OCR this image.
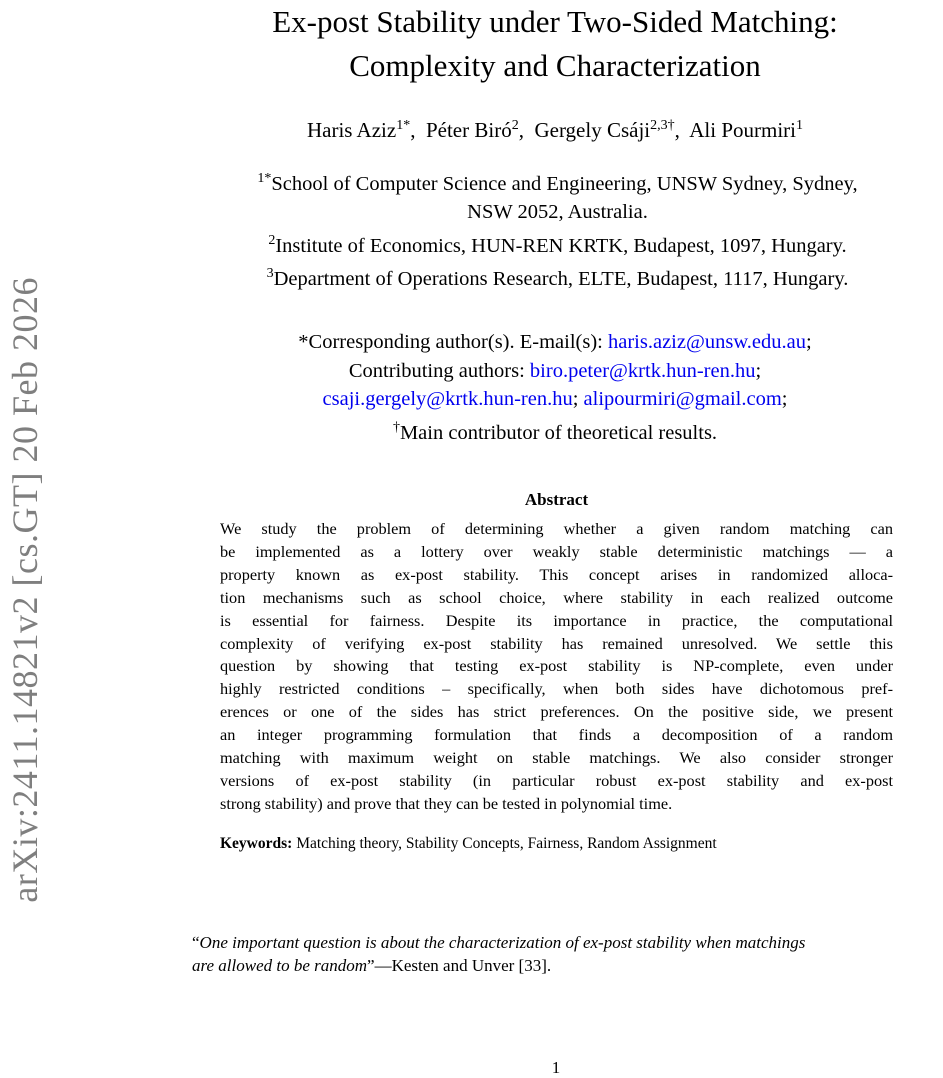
arXiv:2411.14821v2 [cs.GT] 20 Feb 2026
Ex-post Stability under Two-Sided Matching:
Complexity and Characterization
Haris Aziz$^{1*}$,  Péter Biró$^2$,  Gergely Csáji$^{2,3\dagger}$,  Ali Pourmiri$^1$
$^{1*}$School of Computer Science and Engineering, UNSW Sydney, Sydney,
NSW 2052, Australia.
$^2$Institute of Economics, HUN-REN KRTK, Budapest, 1097, Hungary.
$^3$Department of Operations Research, ELTE, Budapest, 1117, Hungary.
*Corresponding author(s). E-mail(s): haris.aziz@unsw.edu.au;
Contributing authors: biro.peter@krtk.hun-ren.hu;
csaji.gergely@krtk.hun-ren.hu; alipourmiri@gmail.com;
†Main contributor of theoretical results.
Abstract
We study the problem of determining whether a given random matching can
be implemented as a lottery over weakly stable deterministic matchings — a
property known as ex-post stability. This concept arises in randomized alloca-
tion mechanisms such as school choice, where stability in each realized outcome
is essential for fairness. Despite its importance in practice, the computational
complexity of verifying ex-post stability has remained unresolved. We settle this
question by showing that testing ex-post stability is NP-complete, even under
highly restricted conditions – specifically, when both sides have dichotomous pref-
erences or one of the sides has strict preferences. On the positive side, we present
an integer programming formulation that finds a decomposition of a random
matching with maximum weight on stable matchings. We also consider stronger
versions of ex-post stability (in particular robust ex-post stability and ex-post
strong stability) and prove that they can be tested in polynomial time.
Keywords: Matching theory, Stability Concepts, Fairness, Random Assignment
“One important question is about the characterization of ex-post stability when matchings
are allowed to be random”—Kesten and Unver [33].
1
